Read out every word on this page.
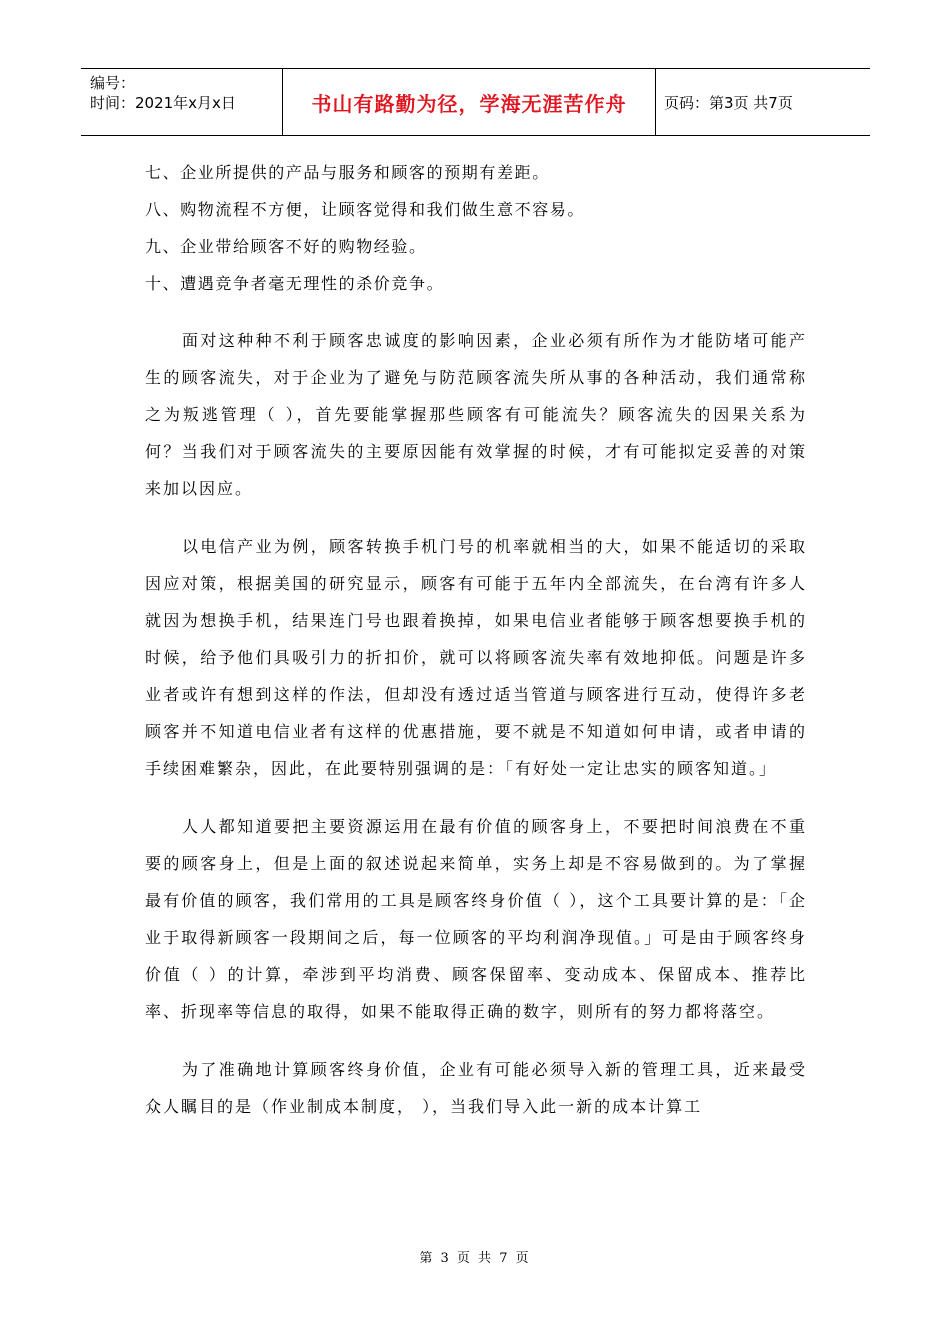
编号：
时间：2021年x月x日	书山有路勤为径，学海无涯苦作舟	页码：第3页 共7页
七、企业所提供的产品与服务和顾客的预期有差距。
八、购物流程不方便，让顾客觉得和我们做生意不容易。
九、企业带给顾客不好的购物经验。
十、遭遇竞争者毫无理性的杀价竞争。

面对这种种不利于顾客忠诚度的影响因素，企业必须有所作为才能防堵可能产生的顾客流失，对于企业为了避免与防范顾客流失所从事的各种活动，我们通常称之为叛逃管理（ ），首先要能掌握那些顾客有可能流失？顾客流失的因果关系为何？当我们对于顾客流失的主要原因能有效掌握的时候，才有可能拟定妥善的对策来加以因应。

以电信产业为例，顾客转换手机门号的机率就相当的大，如果不能适切的采取因应对策，根据美国的研究显示，顾客有可能于五年内全部流失，在台湾有许多人就因为想换手机，结果连门号也跟着换掉，如果电信业者能够于顾客想要换手机的时候，给予他们具吸引力的折扣价，就可以将顾客流失率有效地抑低。问题是许多业者或许有想到这样的作法，但却没有透过适当管道与顾客进行互动，使得许多老顾客并不知道电信业者有这样的优惠措施，要不就是不知道如何申请，或者申请的手续困难繁杂，因此，在此要特别强调的是：「有好处一定让忠实的顾客知道。」

人人都知道要把主要资源运用在最有价值的顾客身上，不要把时间浪费在不重要的顾客身上，但是上面的叙述说起来简单，实务上却是不容易做到的。为了掌握最有价值的顾客，我们常用的工具是顾客终身价值（ ），这个工具要计算的是：「企业于取得新顾客一段期间之后，每一位顾客的平均利润净现值。」可是由于顾客终身价值（ ）的计算，牵涉到平均消费、顾客保留率、变动成本、保留成本、推荐比率、折现率等信息的取得，如果不能取得正确的数字，则所有的努力都将落空。

为了准确地计算顾客终身价值，企业有可能必须导入新的管理工具，近来最受众人瞩目的是（作业制成本制度， ），当我们导入此一新的成本计算工

第 3 页 共 7 页
